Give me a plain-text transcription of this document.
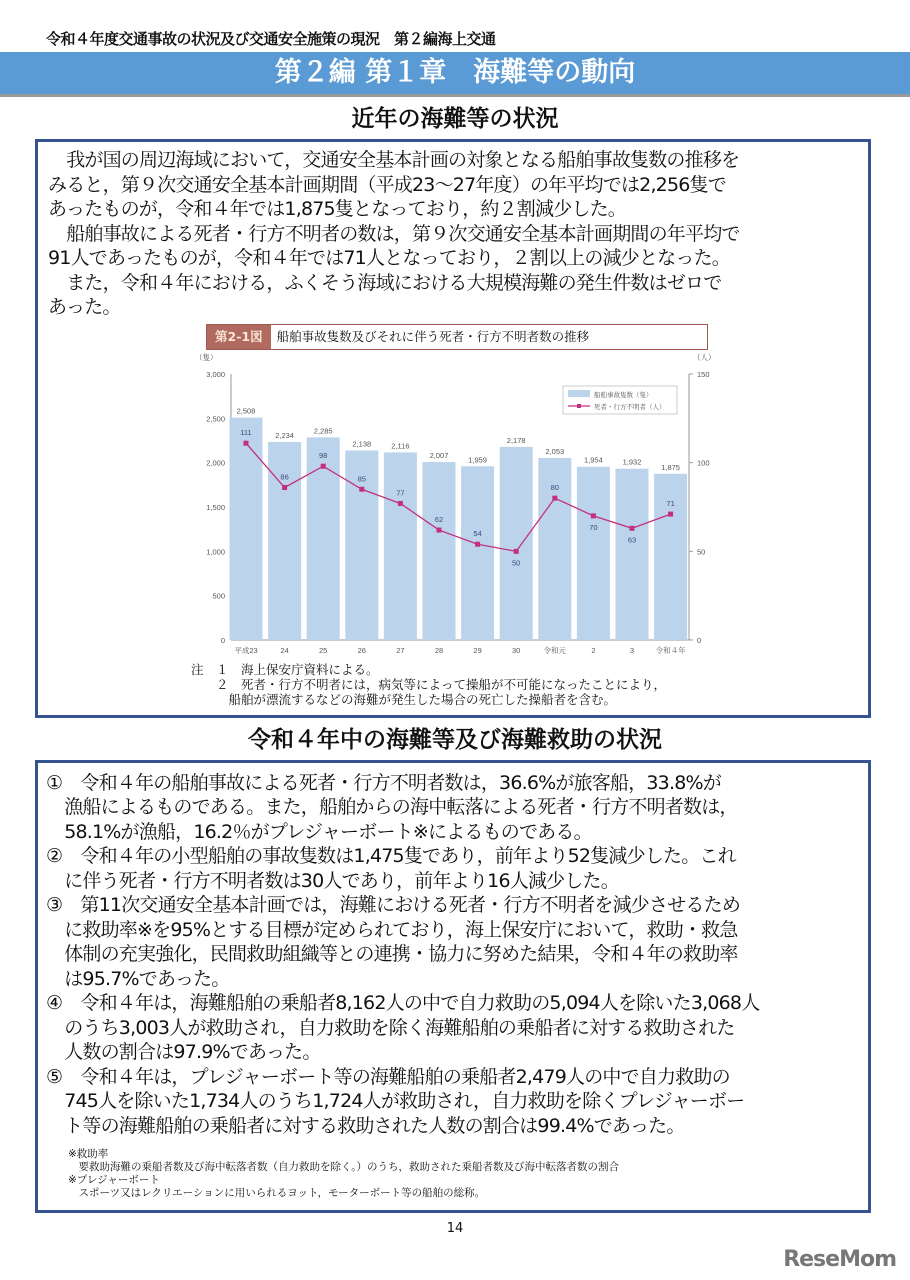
令和４年度交通事故の状況及び交通安全施策の現況　第２編海上交通
第２編 第１章　海難等の動向
近年の海難等の状況
　我が国の周辺海域において，交通安全基本計画の対象となる船舶事故隻数の推移を
みると，第９次交通安全基本計画期間（平成23～27年度）の年平均では2,256隻で
あったものが，令和４年では1,875隻となっており，約２割減少した。
　船舶事故による死者・行方不明者の数は，第９次交通安全基本計画期間の年平均で
91人であったものが，令和４年では71人となっており，２割以上の減少となった。
　また，令和４年における，ふくそう海域における大規模海難の発生件数はゼロで
あった。
第2-1図 船舶事故隻数及びそれに伴う死者・行方不明者数の推移
0
500
1,000
1,500
2,000
2,500
3,000
0
50
100
150
（隻）	（人）
2,508
平成23
2,234
24
2,285
25
2,138
26
2,116
27
2,007
28
1,959
29
2,178
30
2,053
令和元
1,954
2
1,932
3
1,875
令和４年
111
86
98
85
77
62
54
50
80
70
63
71
船舶事故隻数（隻）
死者・行方不明者（人）
注　１　海上保安庁資料による。
　　２　死者・行方不明者には，病気等によって操船が不可能になったことにより，
　　　船舶が漂流するなどの海難が発生した場合の死亡した操船者を含む。
令和４年中の海難等及び海難救助の状況
①　令和４年の船舶事故による死者・行方不明者数は，36.6%が旅客船，33.8%が
　漁船によるものである。また，船舶からの海中転落による死者・行方不明者数は，
　58.1%が漁船，16.2％がプレジャーボート※によるものである。
②　令和４年の小型船舶の事故隻数は1,475隻であり，前年より52隻減少した。これ
　に伴う死者・行方不明者数は30人であり，前年より16人減少した。
③　第11次交通安全基本計画では，海難における死者・行方不明者を減少させるため
　に救助率※を95%とする目標が定められており，海上保安庁において，救助・救急
　体制の充実強化，民間救助組織等との連携・協力に努めた結果，令和４年の救助率
　は95.7%であった。
④　令和４年は，海難船舶の乗船者8,162人の中で自力救助の5,094人を除いた3,068人
　のうち3,003人が救助され，自力救助を除く海難船舶の乗船者に対する救助された
　人数の割合は97.9%であった。
⑤　令和４年は，プレジャーボート等の海難船舶の乗船者2,479人の中で自力救助の
　745人を除いた1,734人のうち1,724人が救助され，自力救助を除くプレジャーボー
　ト等の海難船舶の乗船者に対する救助された人数の割合は99.4%であった。
※救助率
　要救助海難の乗船者数及び海中転落者数（自力救助を除く。）のうち，救助された乗船者数及び海中転落者数の割合
※プレジャーボート
　スポーツ又はレクリエーションに用いられるヨット，モーターボート等の船舶の総称。
14
ReseMom
